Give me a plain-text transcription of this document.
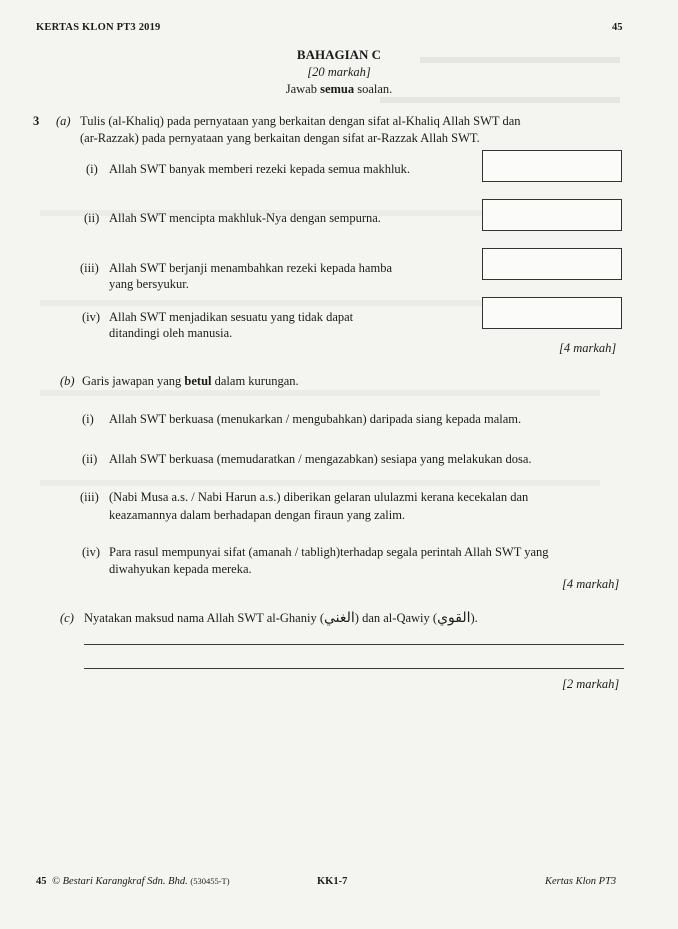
KERTAS KLON PT3 2019	45

BAHAGIAN C

[20 markah]

Jawab semua soalan.

3 (a) Tulis (al-Khaliq) pada pernyataan yang berkaitan dengan sifat al-Khaliq Allah SWT dan

(ar-Razzak) pada pernyataan yang berkaitan dengan sifat ar-Razzak Allah SWT.

(i) Allah SWT banyak memberi rezeki kepada semua makhluk.

(ii) Allah SWT mencipta makhluk-Nya dengan sempurna.

(iii) Allah SWT berjanji menambahkan rezeki kepada hamba

yang bersyukur.

(iv) Allah SWT menjadikan sesuatu yang tidak dapat

ditandingi oleh manusia.

[4 markah]

(b) Garis jawapan yang betul dalam kurungan.

(i) Allah SWT berkuasa (menukarkan / mengubahkan) daripada siang kepada malam.

(ii) Allah SWT berkuasa (memudaratkan / mengazabkan) sesiapa yang melakukan dosa.

(iii) (Nabi Musa a.s. / Nabi Harun a.s.) diberikan gelaran ululazmi kerana kecekalan dan

keazamannya dalam berhadapan dengan firaun yang zalim.

(iv) Para rasul mempunyai sifat (amanah / tabligh)terhadap segala perintah Allah SWT yang

diwahyukan kepada mereka.

[4 markah]

(c) Nyatakan maksud nama Allah SWT al-Ghaniy (الغني) dan al-Qawiy (القوي).

[2 markah]

45 © Bestari Karangkraf Sdn. Bhd. (530455-T)	KK1-7	Kertas Klon PT3
